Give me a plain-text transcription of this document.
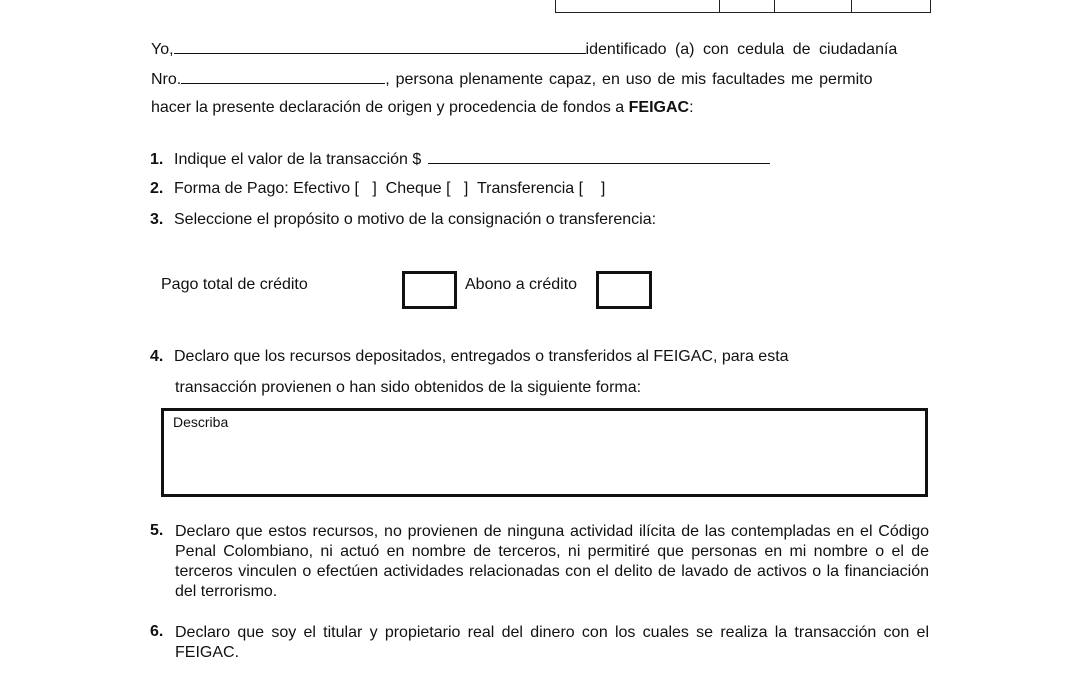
Yo,	identificado (a) con cedula de ciudadanía
Nro.	, persona plenamente capaz, en uso de mis facultades me permito
hacer la presente declaración de origen y procedencia de fondos a FEIGAC:
1. Indique el valor de la transacción $
2. Forma de Pago: Efectivo [   ]  Cheque [   ]  Transferencia [    ]
3. Seleccione el propósito o motivo de la consignación o transferencia:
Pago total de crédito	Abono a crédito
4. Declaro que los recursos depositados, entregados o transferidos al FEIGAC, para esta
transacción provienen o han sido obtenidos de la siguiente forma:
Describa
5. Declaro que estos recursos, no provienen de ninguna actividad ilícita de las contempladas en el Código Penal Colombiano, ni actuó en nombre de terceros, ni permitiré que personas en mi nombre o el de terceros vinculen o efectúen actividades relacionadas con el delito de lavado de activos o la financiación del terrorismo.
6. Declaro que soy el titular y propietario real del dinero con los cuales se realiza la transacción con el FEIGAC.
